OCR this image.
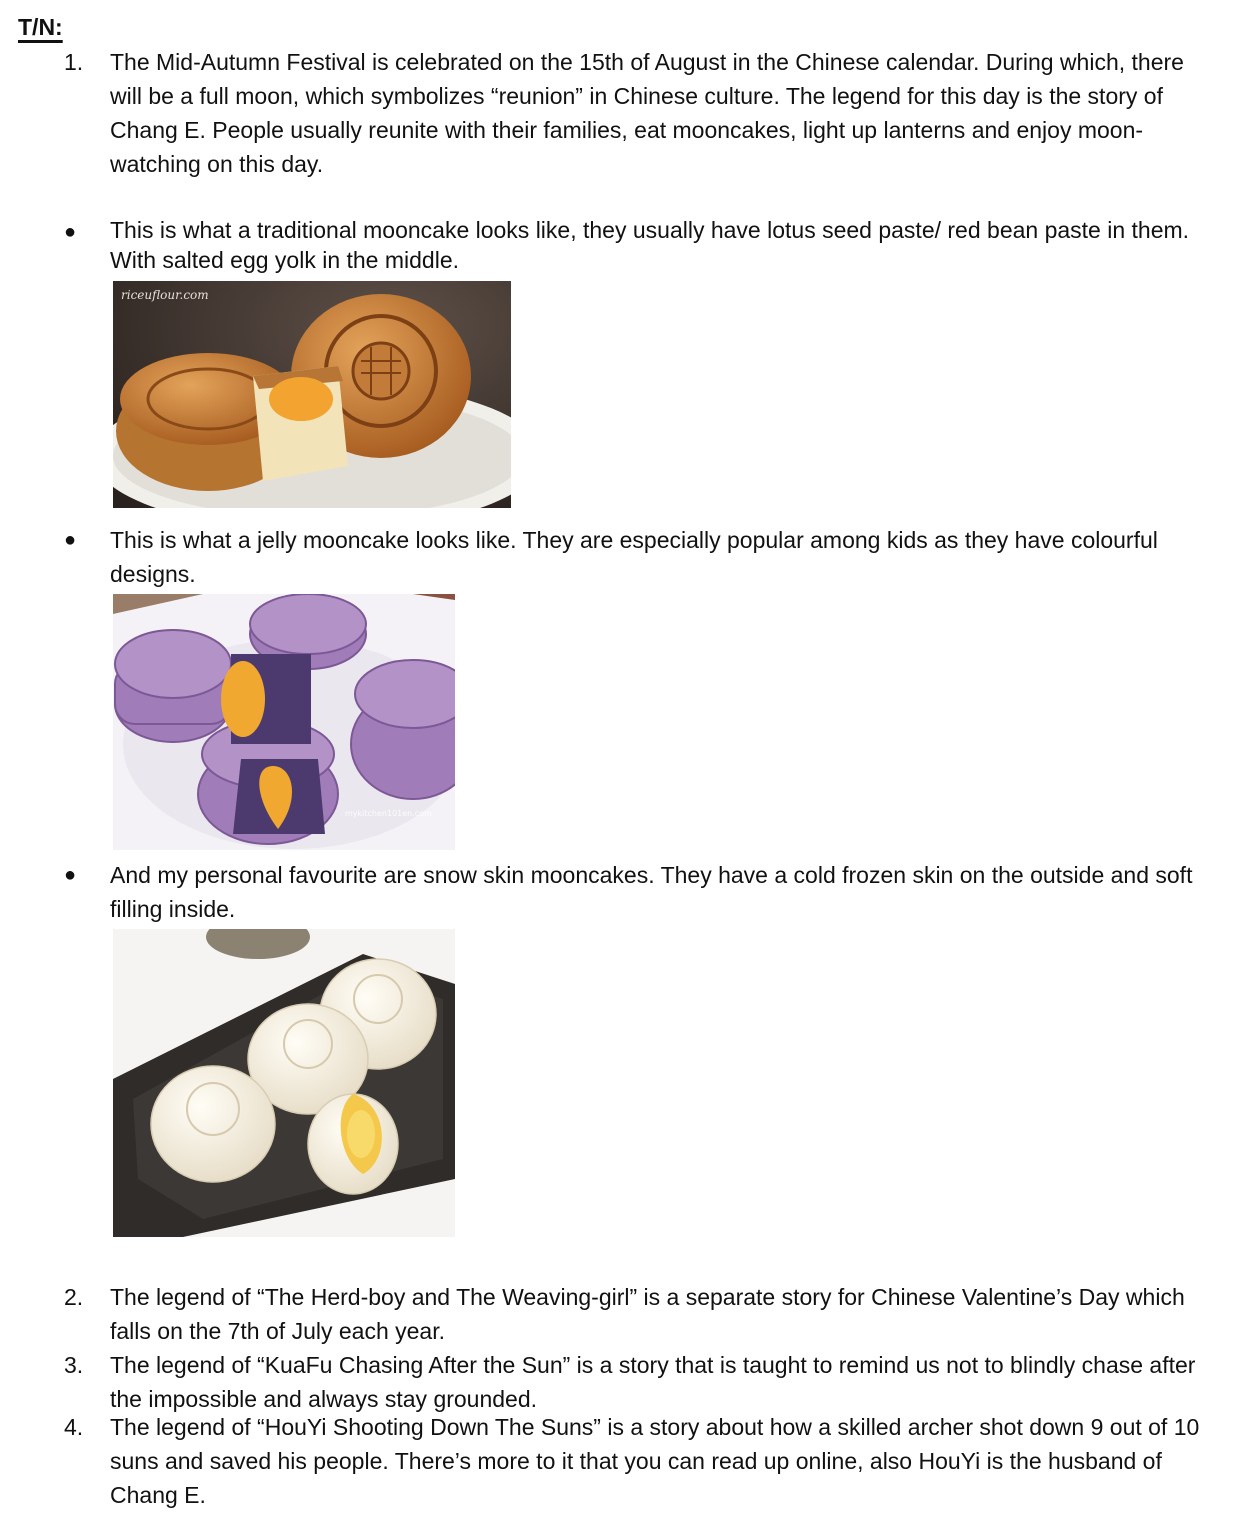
T/N:
1. The Mid-Autumn Festival is celebrated on the 15th of August in the Chinese calendar. During which, there will be a full moon, which symbolizes “reunion” in Chinese culture. The legend for this day is the story of Chang E. People usually reunite with their families, eat mooncakes, light up lanterns and enjoy moon-watching on this day.
● This is what a traditional mooncake looks like, they usually have lotus seed paste/ red bean paste in them. With salted egg yolk in the middle.
riceuflour.com
● This is what a jelly mooncake looks like. They are especially popular among kids as they have colourful designs.
mykitchen101en.com
● And my personal favourite are snow skin mooncakes. They have a cold frozen skin on the outside and soft filling inside.
2. The legend of “The Herd-boy and The Weaving-girl” is a separate story for Chinese Valentine’s Day which falls on the 7th of July each year.
3. The legend of “KuaFu Chasing After the Sun” is a story that is taught to remind us not to blindly chase after the impossible and always stay grounded.
4. The legend of “HouYi Shooting Down The Suns” is a story about how a skilled archer shot down 9 out of 10 suns and saved his people. There’s more to it that you can read up online, also HouYi is the husband of Chang E.
